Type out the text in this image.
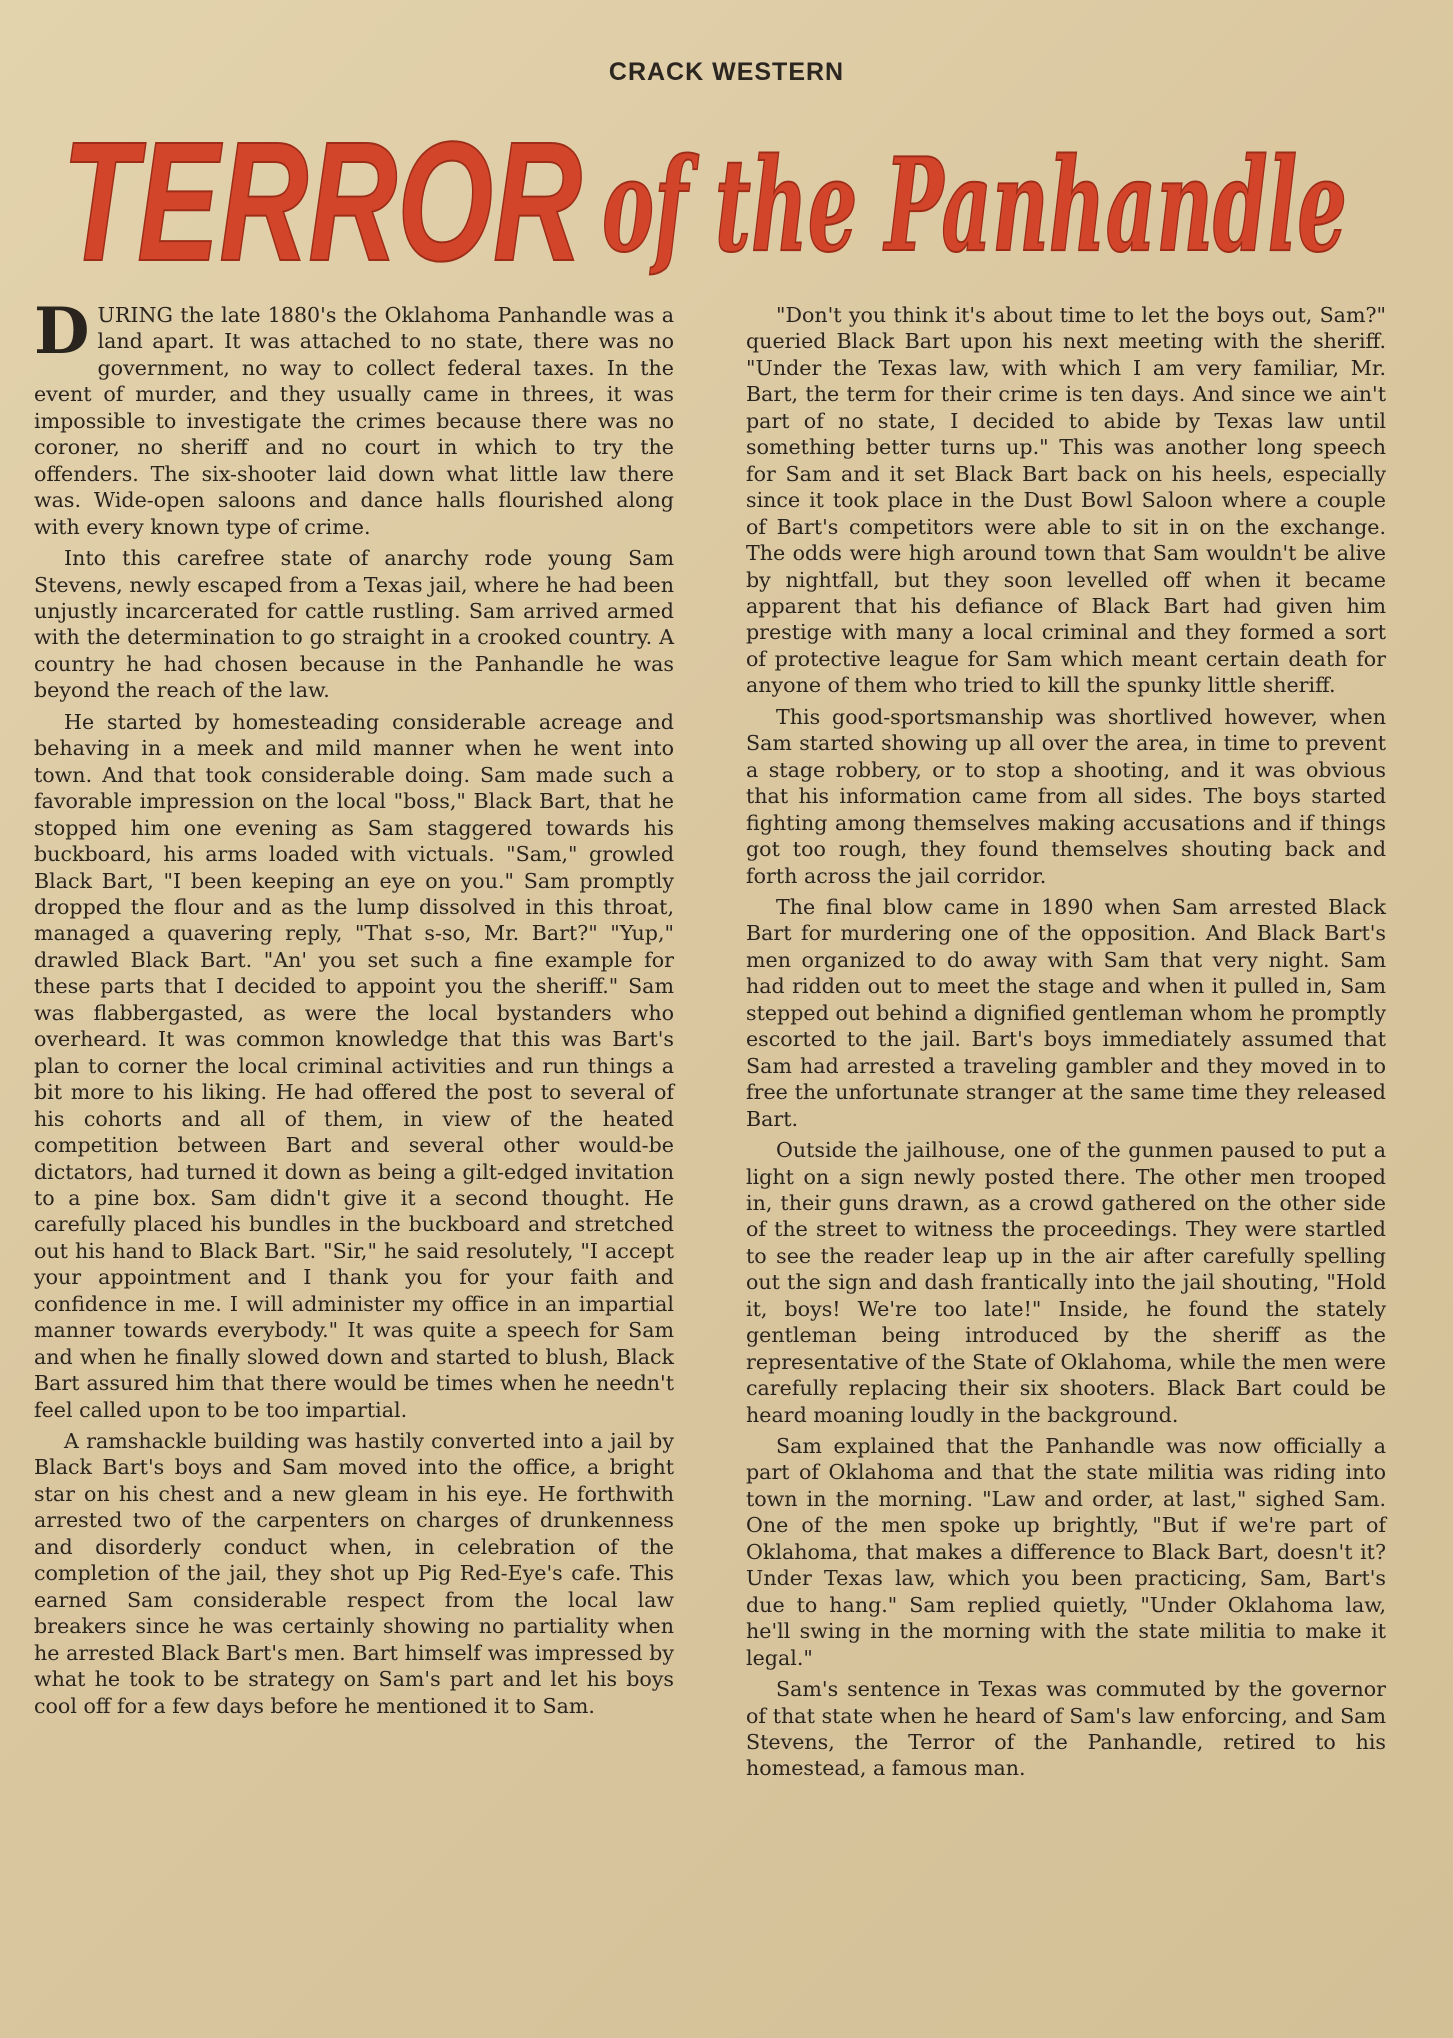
CRACK WESTERN
TERROR of the Panhandle

DURING the late 1880's the Oklahoma Panhandle was a land apart. It was attached to no state, there was no government, no way to collect federal taxes. In the event of murder, and they usually came in threes, it was impossible to investigate the crimes because there was no coroner, no sheriff and no court in which to try the offenders. The six-shooter laid down what little law there was. Wide-open saloons and dance halls flourished along with every known type of crime.

Into this carefree state of anarchy rode young Sam Stevens, newly escaped from a Texas jail, where he had been unjustly incarcerated for cattle rustling. Sam arrived armed with the determination to go straight in a crooked country. A country he had chosen because in the Panhandle he was beyond the reach of the law.

He started by homesteading considerable acreage and behaving in a meek and mild manner when he went into town. And that took considerable doing. Sam made such a favorable impression on the local "boss," Black Bart, that he stopped him one evening as Sam staggered towards his buckboard, his arms loaded with victuals. "Sam," growled Black Bart, "I been keeping an eye on you." Sam promptly dropped the flour and as the lump dissolved in this throat, managed a quavering reply, "That s-so, Mr. Bart?" "Yup," drawled Black Bart. "An' you set such a fine example for these parts that I decided to appoint you the sheriff." Sam was flabbergasted, as were the local bystanders who overheard. It was common knowledge that this was Bart's plan to corner the local criminal activities and run things a bit more to his liking. He had offered the post to several of his cohorts and all of them, in view of the heated competition between Bart and several other would-be dictators, had turned it down as being a gilt-edged invitation to a pine box. Sam didn't give it a second thought. He carefully placed his bundles in the buckboard and stretched out his hand to Black Bart. "Sir," he said resolutely, "I accept your appointment and I thank you for your faith and confidence in me. I will administer my office in an impartial manner towards everybody." It was quite a speech for Sam and when he finally slowed down and started to blush, Black Bart assured him that there would be times when he needn't feel called upon to be too impartial.

A ramshackle building was hastily converted into a jail by Black Bart's boys and Sam moved into the office, a bright star on his chest and a new gleam in his eye. He forthwith arrested two of the carpenters on charges of drunkenness and disorderly conduct when, in celebration of the completion of the jail, they shot up Pig Red-Eye's cafe. This earned Sam considerable respect from the local law breakers since he was certainly showing no partiality when he arrested Black Bart's men. Bart himself was impressed by what he took to be strategy on Sam's part and let his boys cool off for a few days before he mentioned it to Sam.

"Don't you think it's about time to let the boys out, Sam?" queried Black Bart upon his next meeting with the sheriff. "Under the Texas law, with which I am very familiar, Mr. Bart, the term for their crime is ten days. And since we ain't part of no state, I decided to abide by Texas law until something better turns up." This was another long speech for Sam and it set Black Bart back on his heels, especially since it took place in the Dust Bowl Saloon where a couple of Bart's competitors were able to sit in on the exchange. The odds were high around town that Sam wouldn't be alive by nightfall, but they soon levelled off when it became apparent that his defiance of Black Bart had given him prestige with many a local criminal and they formed a sort of protective league for Sam which meant certain death for anyone of them who tried to kill the spunky little sheriff.

This good-sportsmanship was shortlived however, when Sam started showing up all over the area, in time to prevent a stage robbery, or to stop a shooting, and it was obvious that his information came from all sides. The boys started fighting among themselves making accusations and if things got too rough, they found themselves shouting back and forth across the jail corridor.

The final blow came in 1890 when Sam arrested Black Bart for murdering one of the opposition. And Black Bart's men organized to do away with Sam that very night. Sam had ridden out to meet the stage and when it pulled in, Sam stepped out behind a dignified gentleman whom he promptly escorted to the jail. Bart's boys immediately assumed that Sam had arrested a traveling gambler and they moved in to free the unfortunate stranger at the same time they released Bart.

Outside the jailhouse, one of the gunmen paused to put a light on a sign newly posted there. The other men trooped in, their guns drawn, as a crowd gathered on the other side of the street to witness the proceedings. They were startled to see the reader leap up in the air after carefully spelling out the sign and dash frantically into the jail shouting, "Hold it, boys! We're too late!" Inside, he found the stately gentleman being introduced by the sheriff as the representative of the State of Oklahoma, while the men were carefully replacing their six shooters. Black Bart could be heard moaning loudly in the background.

Sam explained that the Panhandle was now officially a part of Oklahoma and that the state militia was riding into town in the morning. "Law and order, at last," sighed Sam. One of the men spoke up brightly, "But if we're part of Oklahoma, that makes a difference to Black Bart, doesn't it? Under Texas law, which you been practicing, Sam, Bart's due to hang." Sam replied quietly, "Under Oklahoma law, he'll swing in the morning with the state militia to make it legal."

Sam's sentence in Texas was commuted by the governor of that state when he heard of Sam's law enforcing, and Sam Stevens, the Terror of the Panhandle, retired to his homestead, a famous man.
